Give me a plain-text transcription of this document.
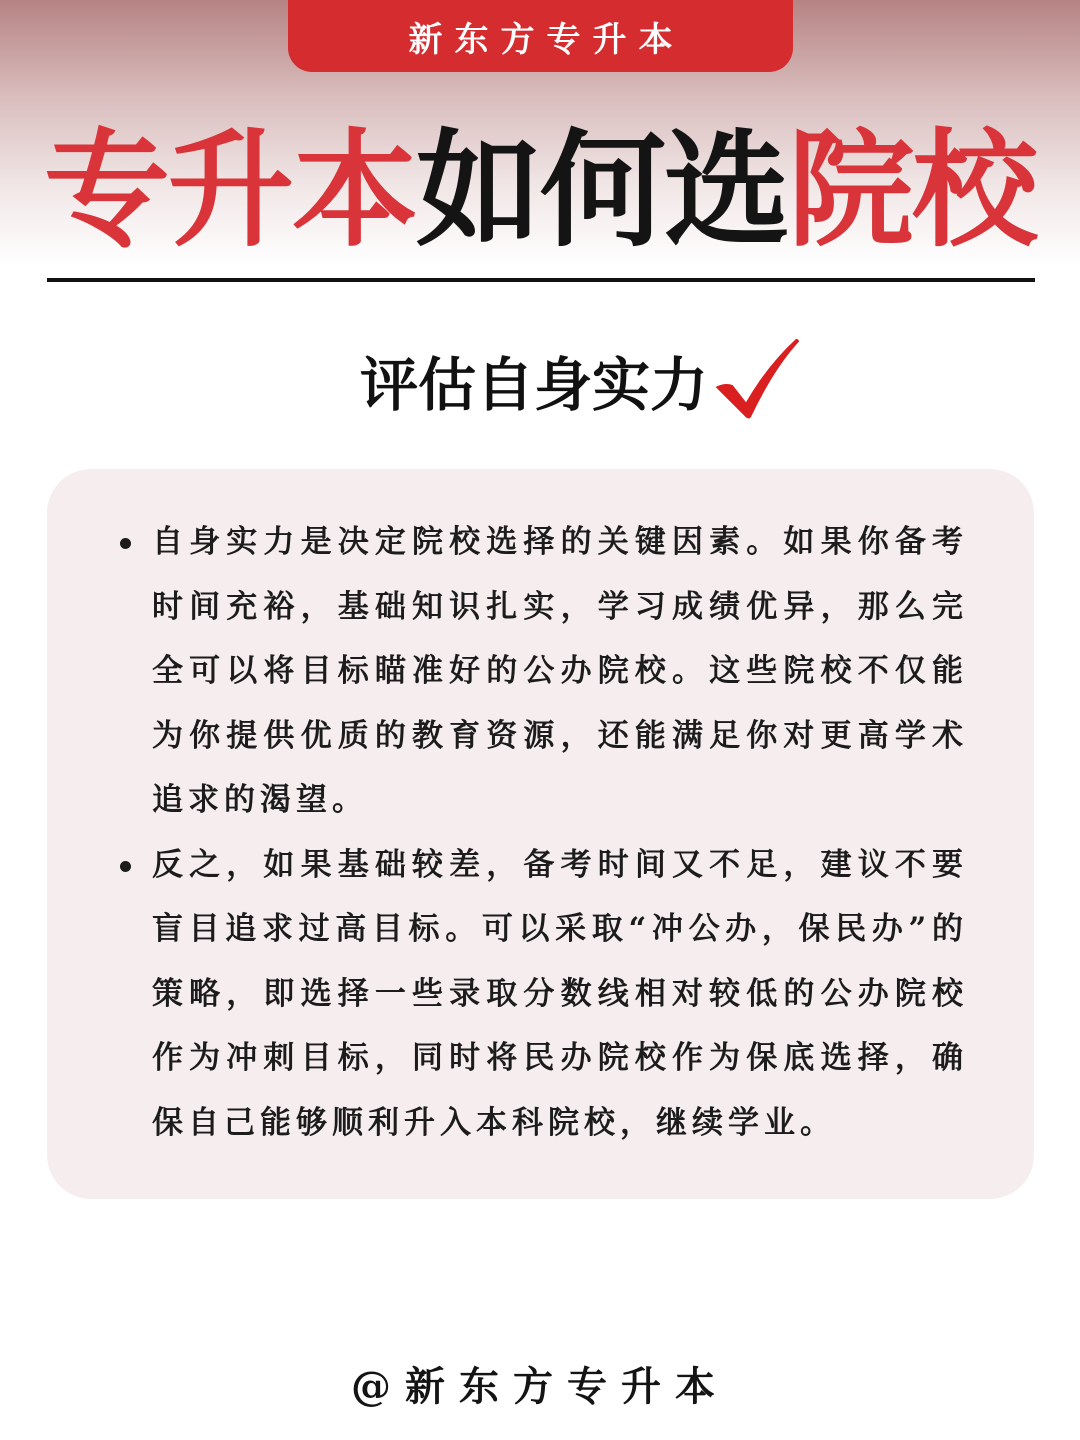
新东方专升本
专升本如何选院校
评估自身实力
自身实力是决定院校选择的关键因素。如果你备考时间充裕，基础知识扎实，学习成绩优异，那么完全可以将目标瞄准好的公办院校。这些院校不仅能为你提供优质的教育资源，还能满足你对更高学术追求的渴望。
反之，如果基础较差，备考时间又不足，建议不要盲目追求过高目标。可以采取“冲公办，保民办”的策略，即选择一些录取分数线相对较低的公办院校作为冲刺目标，同时将民办院校作为保底选择，确保自己能够顺利升入本科院校，继续学业。
@新东方专升本
